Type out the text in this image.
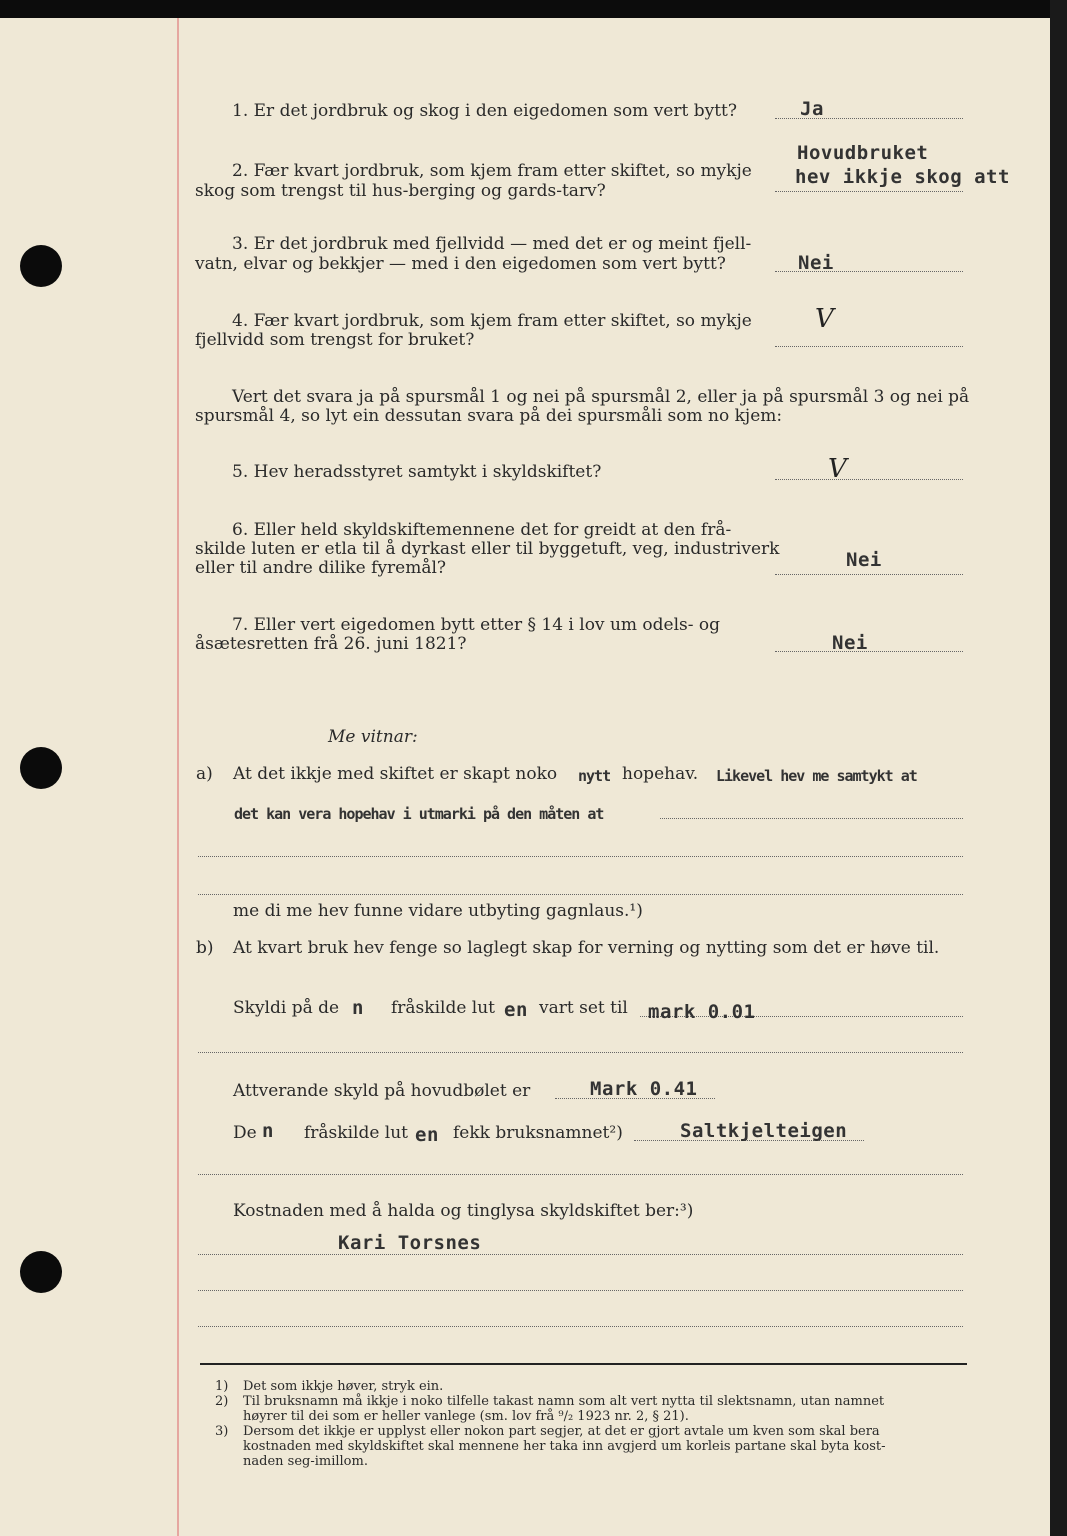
1. Er det jordbruk og skog i den eigedomen som vert bytt?	Ja
2. Fær kvart jordbruk, som kjem fram etter skiftet, so mykje
skog som trengst til hus‑berging og gards‑tarv?
Hovudbruket
hev ikkje skog att
3. Er det jordbruk med fjellvidd — med det er og meint fjell‑
vatn, elvar og bekkjer — med i den eigedomen som vert bytt?	Nei
4. Fær kvart jordbruk, som kjem fram etter skiftet, so mykje
fjellvidd som trengst for bruket?
V
Vert det svara ja på spursmål 1 og nei på spursmål 2, eller ja på spursmål 3 og nei på
spursmål 4, so lyt ein dessutan svara på dei spursmåli som no kjem:
5. Hev heradsstyret samtykt i skyldskiftet?	V
6. Eller held skyldskiftemennene det for greidt at den frå‑
skilde luten er etla til å dyrkast eller til byggetuft, veg, industriverk
eller til andre dilike fyremål?	Nei
7. Eller vert eigedomen bytt etter § 14 i lov um odels‑ og
åsætesretten frå 26. juni 1821?	Nei
Me vitnar:
a) At det ikkje med skiftet er skapt noko nytt hopehav. Likevel hev me samtykt at
det kan vera hopehav i utmarki på den måten at
me di me hev funne vidare utbyting gagnlaus.¹)
b) At kvart bruk hev fenge so laglegt skap for verning og nytting som det er høve til.
Skyldi på de n fråskilde lut en vart set til mark 0.01
Attverande skyld på hovudbølet er	Mark 0.41
De n fråskilde lut en fekk bruksnamnet²)	Saltkjelteigen
Kostnaden med å halda og tinglysa skyldskiftet ber:³)
Kari Torsnes
1) Det som ikkje høver, stryk ein.
2) Til bruksnamn må ikkje i noko tilfelle takast namn som alt vert nytta til slektsnamn, utan namnet
høyrer til dei som er heller vanlege (sm. lov frå ⁹/₂ 1923 nr. 2, § 21).
3) Dersom det ikkje er upplyst eller nokon part segjer, at det er gjort avtale um kven som skal bera
kostnaden med skyldskiftet skal mennene her taka inn avgjerd um korleis partane skal byta kost‑
naden seg‑imillom.
